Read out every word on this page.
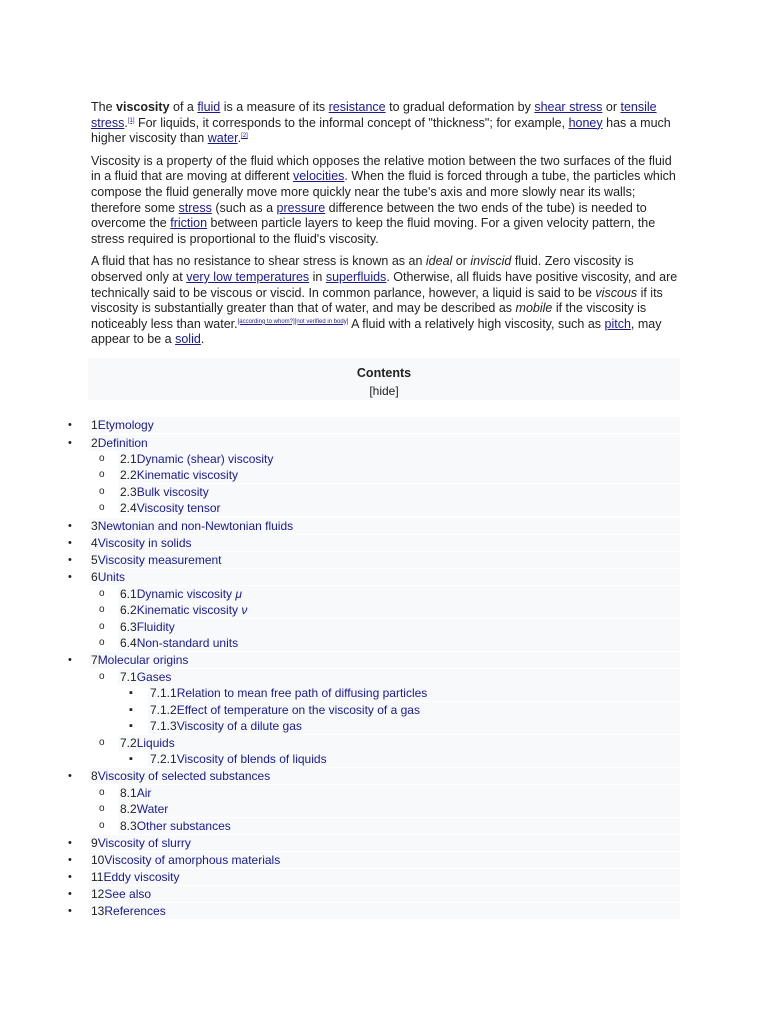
The viscosity of a fluid is a measure of its resistance to gradual deformation by shear stress or tensile stress.[1] For liquids, it corresponds to the informal concept of "thickness"; for example, honey has a much higher viscosity than water.[2]

Viscosity is a property of the fluid which opposes the relative motion between the two surfaces of the fluid in a fluid that are moving at different velocities. When the fluid is forced through a tube, the particles which compose the fluid generally move more quickly near the tube's axis and more slowly near its walls; therefore some stress (such as a pressure difference between the two ends of the tube) is needed to overcome the friction between particle layers to keep the fluid moving. For a given velocity pattern, the stress required is proportional to the fluid's viscosity.

A fluid that has no resistance to shear stress is known as an ideal or inviscid fluid. Zero viscosity is observed only at very low temperatures in superfluids. Otherwise, all fluids have positive viscosity, and are technically said to be viscous or viscid. In common parlance, however, a liquid is said to be viscous if its viscosity is substantially greater than that of water, and may be described as mobile if the viscosity is noticeably less than water.[according to whom?][not verified in body] A fluid with a relatively high viscosity, such as pitch, may appear to be a solid.

Contents
[hide]
• 1Etymology
• 2Definition
o 2.1Dynamic (shear) viscosity
o 2.2Kinematic viscosity
o 2.3Bulk viscosity
o 2.4Viscosity tensor
• 3Newtonian and non-Newtonian fluids
• 4Viscosity in solids
• 5Viscosity measurement
• 6Units
o 6.1Dynamic viscosity μ
o 6.2Kinematic viscosity ν
o 6.3Fluidity
o 6.4Non-standard units
• 7Molecular origins
o 7.1Gases
▪ 7.1.1Relation to mean free path of diffusing particles
▪ 7.1.2Effect of temperature on the viscosity of a gas
▪ 7.1.3Viscosity of a dilute gas
o 7.2Liquids
▪ 7.2.1Viscosity of blends of liquids
• 8Viscosity of selected substances
o 8.1Air
o 8.2Water
o 8.3Other substances
• 9Viscosity of slurry
• 10Viscosity of amorphous materials
• 11Eddy viscosity
• 12See also
• 13References
